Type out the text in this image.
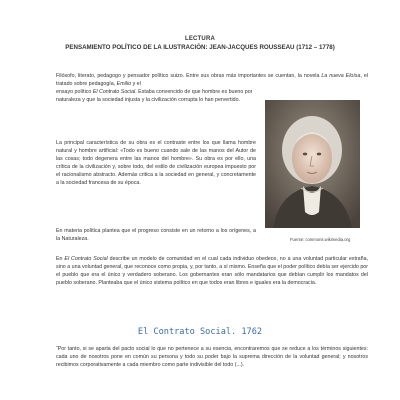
LECTURA
PENSAMIENTO POLÍTICO DE LA ILUSTRACIÓN: JEAN-JACQUES ROUSSEAU (1712 – 1778)
Filósofo, literato, pedagogo y pensador político suizo. Entre sus obras más importantes se cuentan, la novela La nueva Eloísa, el tratado sobre pedagogía, Emilio y el
ensayo político El Contrato Social. Estaba convencido de que hombre es bueno por naturaleza y que la sociedad injusta y la civilización corrupta lo han pervertido.
La principal característica de su obra es el contraste entre los que llama hombre natural y hombre artificial: «Todo es bueno cuando sale de las manos del Autor de las cosas; todo degenera entre las manos del hombre». Su obra es por ello, una crítica de la civilización y, sobre todo, del estilo de civilización europea impuesto por el racionalismo abstracto. Además critica a la sociedad en general, y concretamente a la sociedad francesa de su época.
En materia política plantea que el progreso consiste en un retorno a los orígenes, a la Naturaleza.	Fuente: commons.wikimedia.org
En El Contrato Social describe un modelo de comunidad en el cual cada individuo obedece, no a una voluntad particular extraña, sino a una voluntad general, que reconoce como propia, y, por tanto, a sí mismo. Enseña que el poder político debía ser ejercido por el pueblo que era el único y verdadero soberano. Los gobernantes eran sólo mandatarios que debían cumplir los mandatos del pueblo soberano. Planteaba que el único sistema político en que todos eran libres e iguales era la democracia.
El Contrato Social. 1762
“Por tanto, si se aparta del pacto social lo que no pertenece a su esencia, encontraremos que se reduce a los términos siguientes: cada uno de nosotros pone en común su persona y todo su poder bajo la suprema dirección de la voluntad general; y nosotros recibimos corporativamente a cada miembro como parte indivisible del todo (...).
